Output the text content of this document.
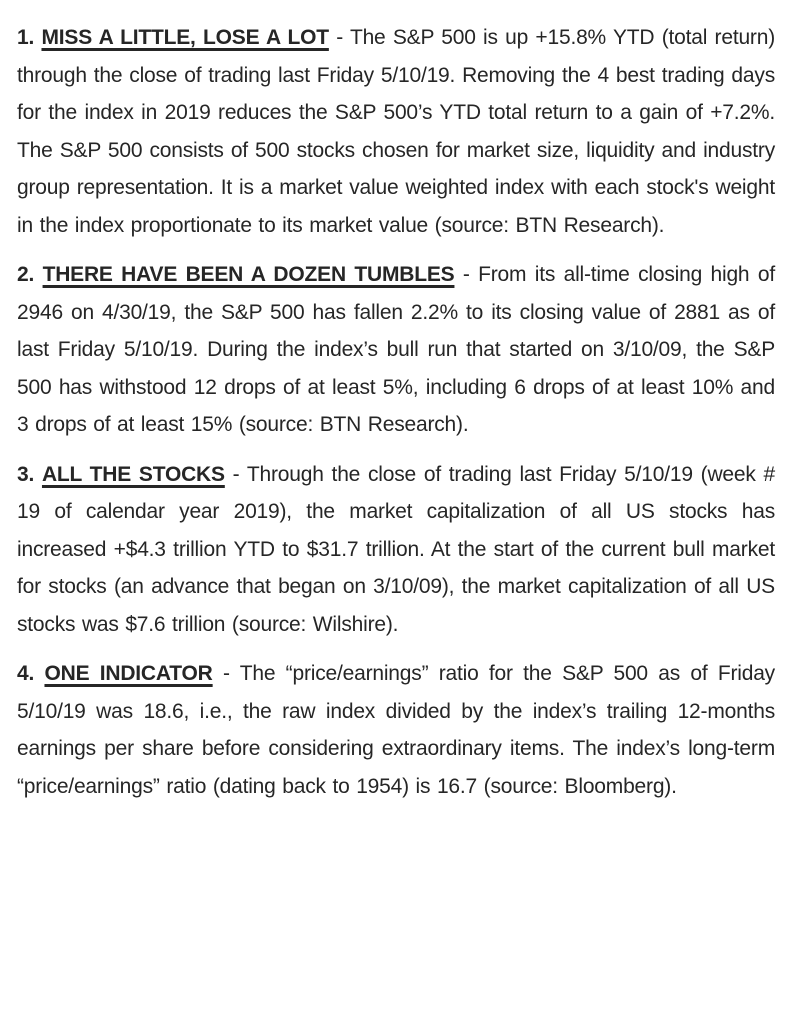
1. MISS A LITTLE, LOSE A LOT - The S&P 500 is up +15.8% YTD (total return) through the close of trading last Friday 5/10/19. Removing the 4 best trading days for the index in 2019 reduces the S&P 500’s YTD total return to a gain of +7.2%. The S&P 500 consists of 500 stocks chosen for market size, liquidity and industry group representation. It is a market value weighted index with each stock's weight in the index proportionate to its market value (source: BTN Research).

2. THERE HAVE BEEN A DOZEN TUMBLES - From its all-time closing high of 2946 on 4/30/19, the S&P 500 has fallen 2.2% to its closing value of 2881 as of last Friday 5/10/19. During the index’s bull run that started on 3/10/09, the S&P 500 has withstood 12 drops of at least 5%, including 6 drops of at least 10% and 3 drops of at least 15% (source: BTN Research).

3. ALL THE STOCKS - Through the close of trading last Friday 5/10/19 (week # 19 of calendar year 2019), the market capitalization of all US stocks has increased +$4.3 trillion YTD to $31.7 trillion. At the start of the current bull market for stocks (an advance that began on 3/10/09), the market capitalization of all US stocks was $7.6 trillion (source: Wilshire).

4. ONE INDICATOR - The “price/earnings” ratio for the S&P 500 as of Friday 5/10/19 was 18.6, i.e., the raw index divided by the index’s trailing 12-months earnings per share before considering extraordinary items. The index’s long-term “price/earnings” ratio (dating back to 1954) is 16.7 (source: Bloomberg).
